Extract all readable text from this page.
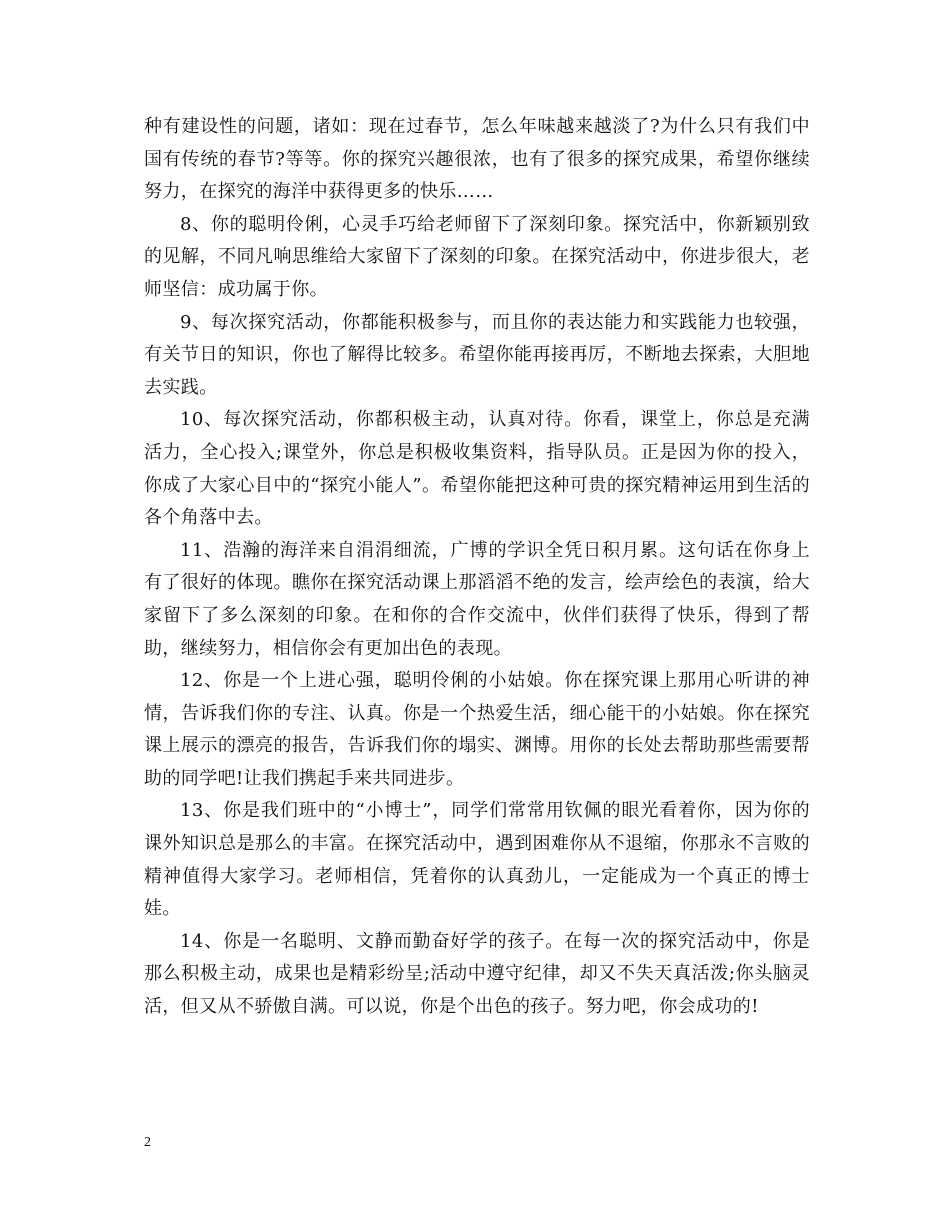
种有建设性的问题，诸如：现在过春节，怎么年味越来越淡了?为什么只有我们中国有传统的春节?等等。你的探究兴趣很浓，也有了很多的探究成果，希望你继续努力，在探究的海洋中获得更多的快乐……

8、你的聪明伶俐，心灵手巧给老师留下了深刻印象。探究活中，你新颖别致的见解，不同凡响思维给大家留下了深刻的印象。在探究活动中，你进步很大，老师坚信：成功属于你。

9、每次探究活动，你都能积极参与，而且你的表达能力和实践能力也较强，有关节日的知识，你也了解得比较多。希望你能再接再厉，不断地去探索，大胆地去实践。

10、每次探究活动，你都积极主动，认真对待。你看，课堂上，你总是充满活力，全心投入;课堂外，你总是积极收集资料，指导队员。正是因为你的投入，你成了大家心目中的“探究小能人”。希望你能把这种可贵的探究精神运用到生活的各个角落中去。

11、浩瀚的海洋来自涓涓细流，广博的学识全凭日积月累。这句话在你身上有了很好的体现。瞧你在探究活动课上那滔滔不绝的发言，绘声绘色的表演，给大家留下了多么深刻的印象。在和你的合作交流中，伙伴们获得了快乐，得到了帮助，继续努力，相信你会有更加出色的表现。

12、你是一个上进心强，聪明伶俐的小姑娘。你在探究课上那用心听讲的神情，告诉我们你的专注、认真。你是一个热爱生活，细心能干的小姑娘。你在探究课上展示的漂亮的报告，告诉我们你的塌实、渊博。用你的长处去帮助那些需要帮助的同学吧!让我们携起手来共同进步。

13、你是我们班中的“小博士”，同学们常常用钦佩的眼光看着你，因为你的课外知识总是那么的丰富。在探究活动中，遇到困难你从不退缩，你那永不言败的精神值得大家学习。老师相信，凭着你的认真劲儿，一定能成为一个真正的博士娃。

14、你是一名聪明、文静而勤奋好学的孩子。在每一次的探究活动中，你是那么积极主动，成果也是精彩纷呈;活动中遵守纪律，却又不失天真活泼;你头脑灵活，但又从不骄傲自满。可以说，你是个出色的孩子。努力吧，你会成功的!

2
